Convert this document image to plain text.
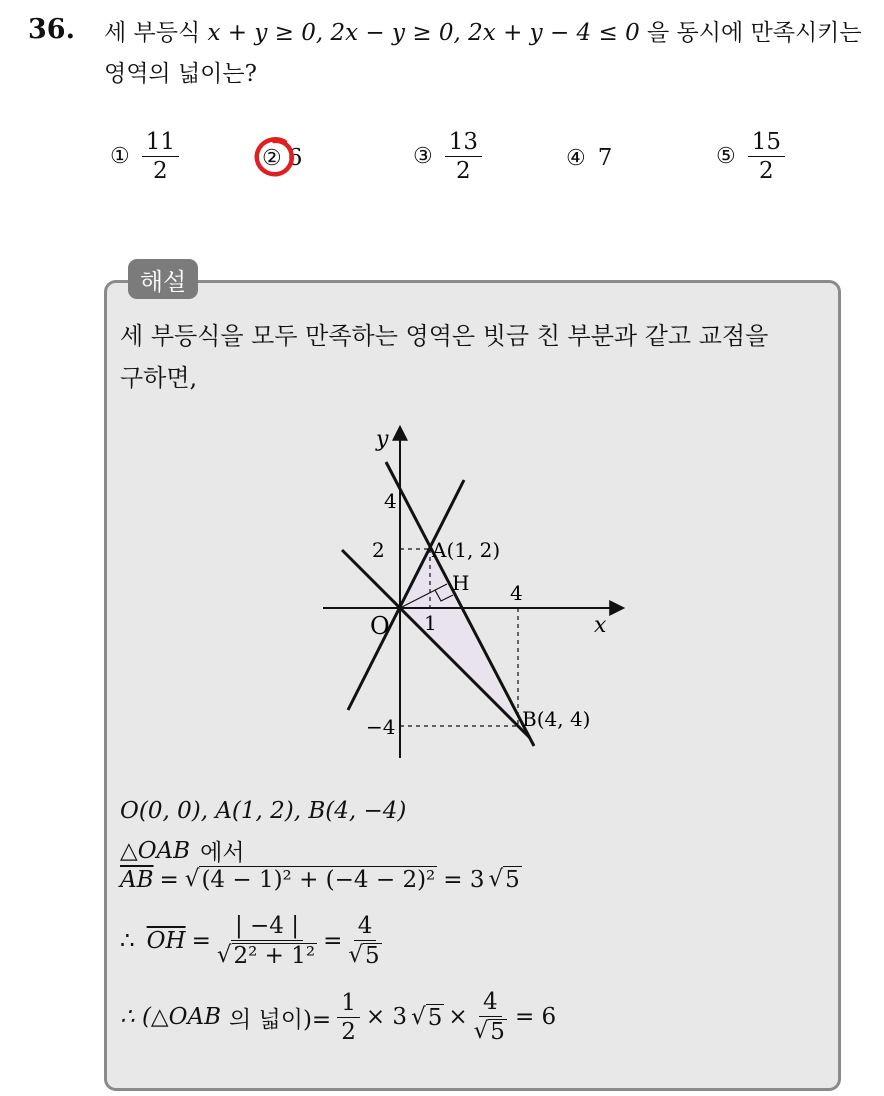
36. 세 부등식 x + y ≥ 0, 2x − y ≥ 0, 2x + y − 4 ≤ 0 을 동시에 만족시키는
영역의 넓이는?
① $\frac{11}{2}$	② 6	③ $\frac{13}{2}$	④ 7	⑤ $\frac{15}{2}$
해설
세 부등식을 모두 만족하는 영역은 빗금 친 부분과 같고 교점을
구하면,
y
x
O
4
2
1
4
−4
A(1, 2)
H
B(4, 4)
O(0, 0), A(1, 2), B(4, −4)
△OAB 에서
$\overline{AB}$ = √ (4 − 1)² + (−4 − 2)² = 3 √ 5
∴ $\overline{OH} = \frac{| -4 |}{\text{√ 2² + 1²}} = \frac{4}{√ 5}$
∴ (△OAB 의 넓이)= $\frac{1}{2} \times 3$ √ $5 \times \frac{4}{√ 5} = 6$
